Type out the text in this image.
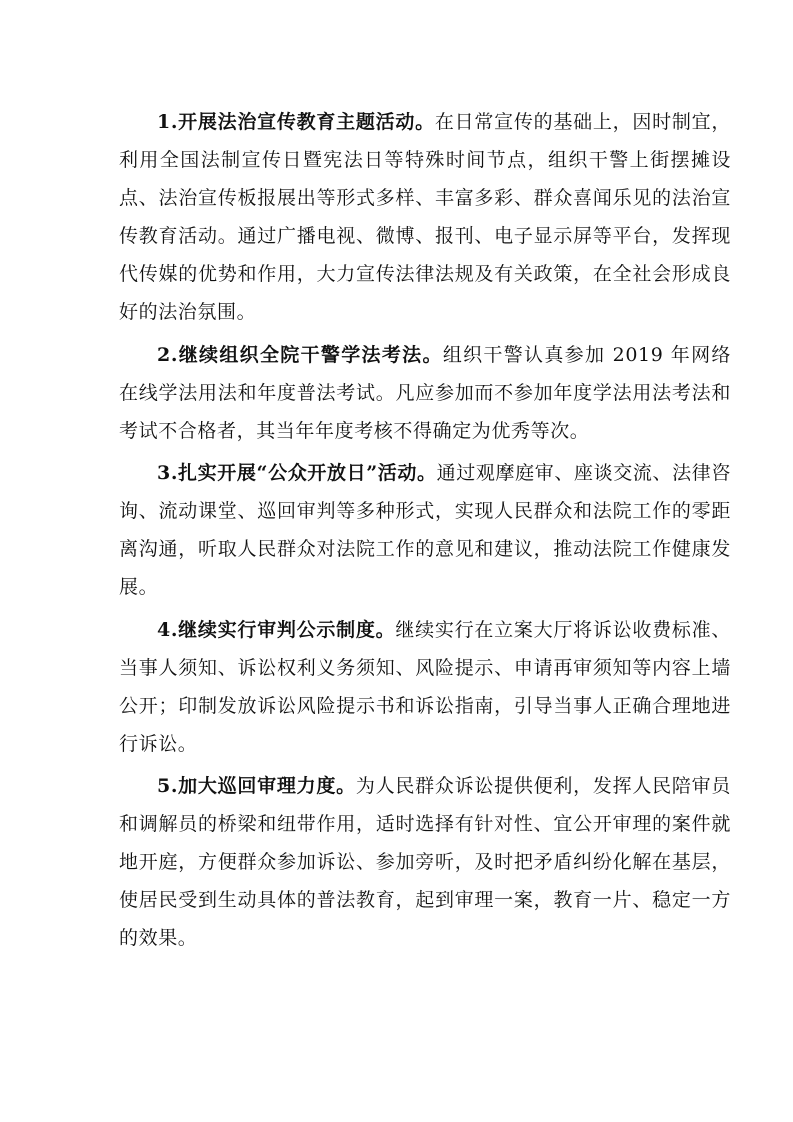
1.开展法治宣传教育主题活动。在日常宣传的基础上，因时制宜，利用全国法制宣传日暨宪法日等特殊时间节点，组织干警上街摆摊设点、法治宣传板报展出等形式多样、丰富多彩、群众喜闻乐见的法治宣传教育活动。通过广播电视、微博、报刊、电子显示屏等平台，发挥现代传媒的优势和作用，大力宣传法律法规及有关政策，在全社会形成良好的法治氛围。

2.继续组织全院干警学法考法。组织干警认真参加 2019 年网络在线学法用法和年度普法考试。凡应参加而不参加年度学法用法考法和考试不合格者，其当年年度考核不得确定为优秀等次。

3.扎实开展“公众开放日”活动。通过观摩庭审、座谈交流、法律咨询、流动课堂、巡回审判等多种形式，实现人民群众和法院工作的零距离沟通，听取人民群众对法院工作的意见和建议，推动法院工作健康发展。

4.继续实行审判公示制度。继续实行在立案大厅将诉讼收费标准、当事人须知、诉讼权利义务须知、风险提示、申请再审须知等内容上墙公开；印制发放诉讼风险提示书和诉讼指南，引导当事人正确合理地进行诉讼。

5.加大巡回审理力度。为人民群众诉讼提供便利，发挥人民陪审员和调解员的桥梁和纽带作用，适时选择有针对性、宜公开审理的案件就地开庭，方便群众参加诉讼、参加旁听，及时把矛盾纠纷化解在基层，使居民受到生动具体的普法教育，起到审理一案，教育一片、稳定一方的效果。
